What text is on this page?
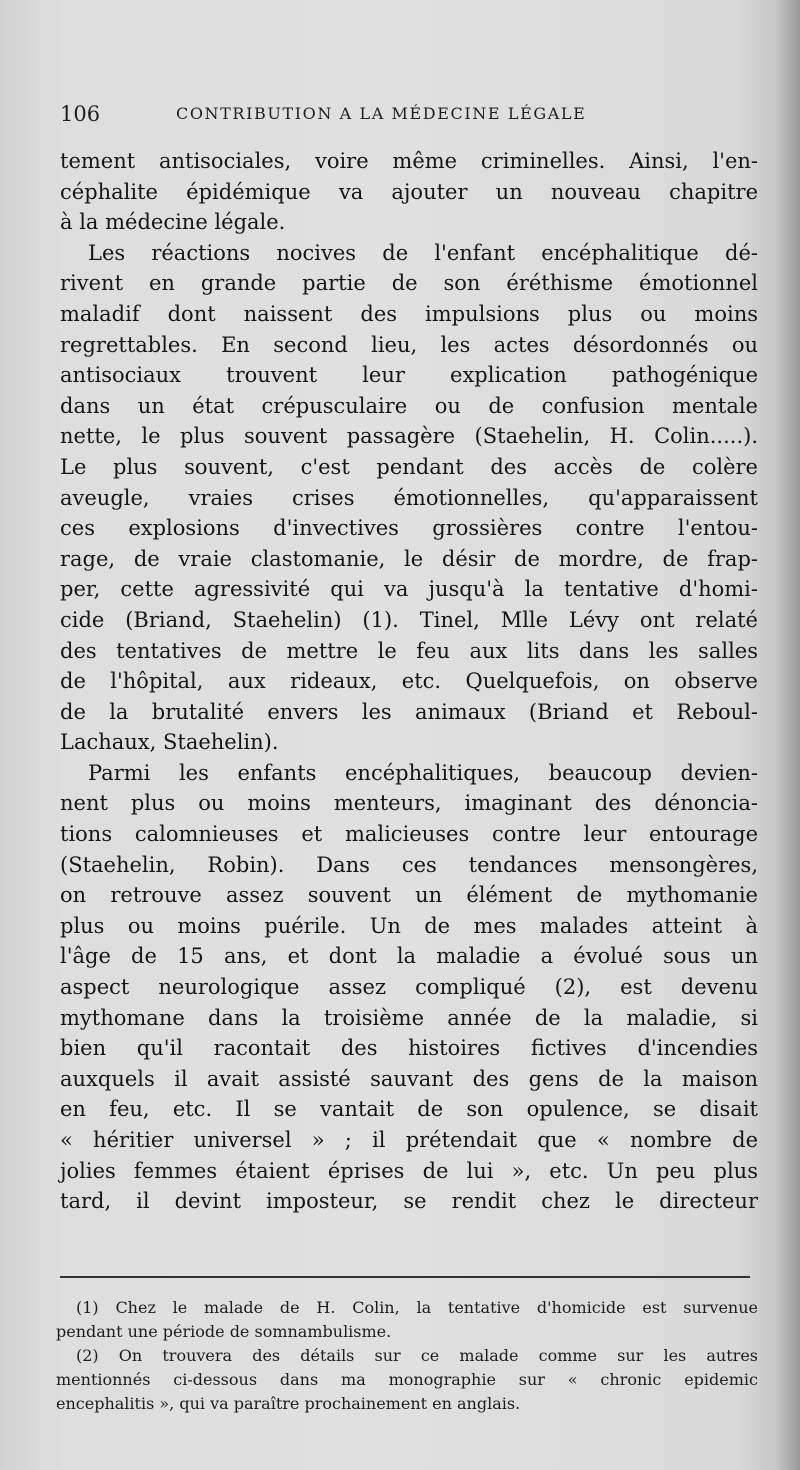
106	CONTRIBUTION A LA MÉDECINE LÉGALE
tement antisociales, voire même criminelles. Ainsi, l'en-
céphalite épidémique va ajouter un nouveau chapitre
à la médecine légale.
Les réactions nocives de l'enfant encéphalitique dé-
rivent en grande partie de son éréthisme émotionnel
maladif dont naissent des impulsions plus ou moins
regrettables. En second lieu, les actes désordonnés ou
antisociaux trouvent leur explication pathogénique
dans un état crépusculaire ou de confusion mentale
nette, le plus souvent passagère (Staehelin, H. Colin.....).
Le plus souvent, c'est pendant des accès de colère
aveugle, vraies crises émotionnelles, qu'apparaissent
ces explosions d'invectives grossières contre l'entou-
rage, de vraie clastomanie, le désir de mordre, de frap-
per, cette agressivité qui va jusqu'à la tentative d'homi-
cide (Briand, Staehelin) (1). Tinel, Mlle Lévy ont relaté
des tentatives de mettre le feu aux lits dans les salles
de l'hôpital, aux rideaux, etc. Quelquefois, on observe
de la brutalité envers les animaux (Briand et Reboul-
Lachaux, Staehelin).
Parmi les enfants encéphalitiques, beaucoup devien-
nent plus ou moins menteurs, imaginant des dénoncia-
tions calomnieuses et malicieuses contre leur entourage
(Staehelin, Robin). Dans ces tendances mensongères,
on retrouve assez souvent un élément de mythomanie
plus ou moins puérile. Un de mes malades atteint à
l'âge de 15 ans, et dont la maladie a évolué sous un
aspect neurologique assez compliqué (2), est devenu
mythomane dans la troisième année de la maladie, si
bien qu'il racontait des histoires fictives d'incendies
auxquels il avait assisté sauvant des gens de la maison
en feu, etc. Il se vantait de son opulence, se disait
« héritier universel » ; il prétendait que « nombre de
jolies femmes étaient éprises de lui », etc. Un peu plus
tard, il devint imposteur, se rendit chez le directeur
(1) Chez le malade de H. Colin, la tentative d'homicide est survenue
pendant une période de somnambulisme.
(2) On trouvera des détails sur ce malade comme sur les autres
mentionnés ci-dessous dans ma monographie sur « chronic epidemic
encephalitis », qui va paraître prochainement en anglais.
